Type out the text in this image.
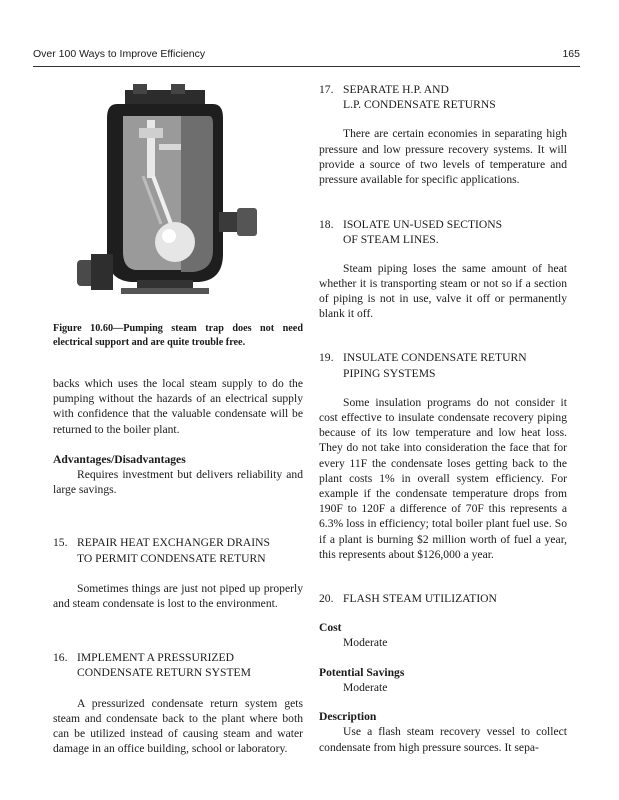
Over 100 Ways to Improve Efficiency	165

Figure 10.60—Pumping steam trap does not need electrical support and are quite trouble free.

backs which uses the local steam supply to do the pumping without the hazards of an electrical supply with confidence that the valuable condensate will be returned to the boiler plant.

Advantages/Disadvantages

Requires investment but delivers reliability and large savings.

15. REPAIR HEAT EXCHANGER DRAINS
TO PERMIT CONDENSATE RETURN

Sometimes things are just not piped up properly and steam condensate is lost to the environment.

16. IMPLEMENT A PRESSURIZED
CONDENSATE RETURN SYSTEM

A pressurized condensate return system gets steam and condensate back to the plant where both can be utilized instead of causing steam and water damage in an office building, school or laboratory.

17. SEPARATE H.P. AND
L.P. CONDENSATE RETURNS

There are certain economies in separating high pressure and low pressure recovery systems. It will provide a source of two levels of temperature and pressure available for specific applications.

18. ISOLATE UN-USED SECTIONS
OF STEAM LINES.

Steam piping loses the same amount of heat whether it is transporting steam or not so if a section of piping is not in use, valve it off or permanently blank it off.

19. INSULATE CONDENSATE RETURN
PIPING SYSTEMS

Some insulation programs do not consider it cost effective to insulate condensate recovery piping because of its low temperature and low heat loss. They do not take into consideration the face that for every 11F the condensate loses getting back to the plant costs 1% in overall system efficiency. For example if the condensate temperature drops from 190F to 120F a difference of 70F this represents a 6.3% loss in efficiency; total boiler plant fuel use. So if a plant is burning $2 million worth of fuel a year, this represents about $126,000 a year.

20. FLASH STEAM UTILIZATION

Cost

Moderate

Potential Savings

Moderate

Description

Use a flash steam recovery vessel to collect condensate from high pressure sources. It sepa-
